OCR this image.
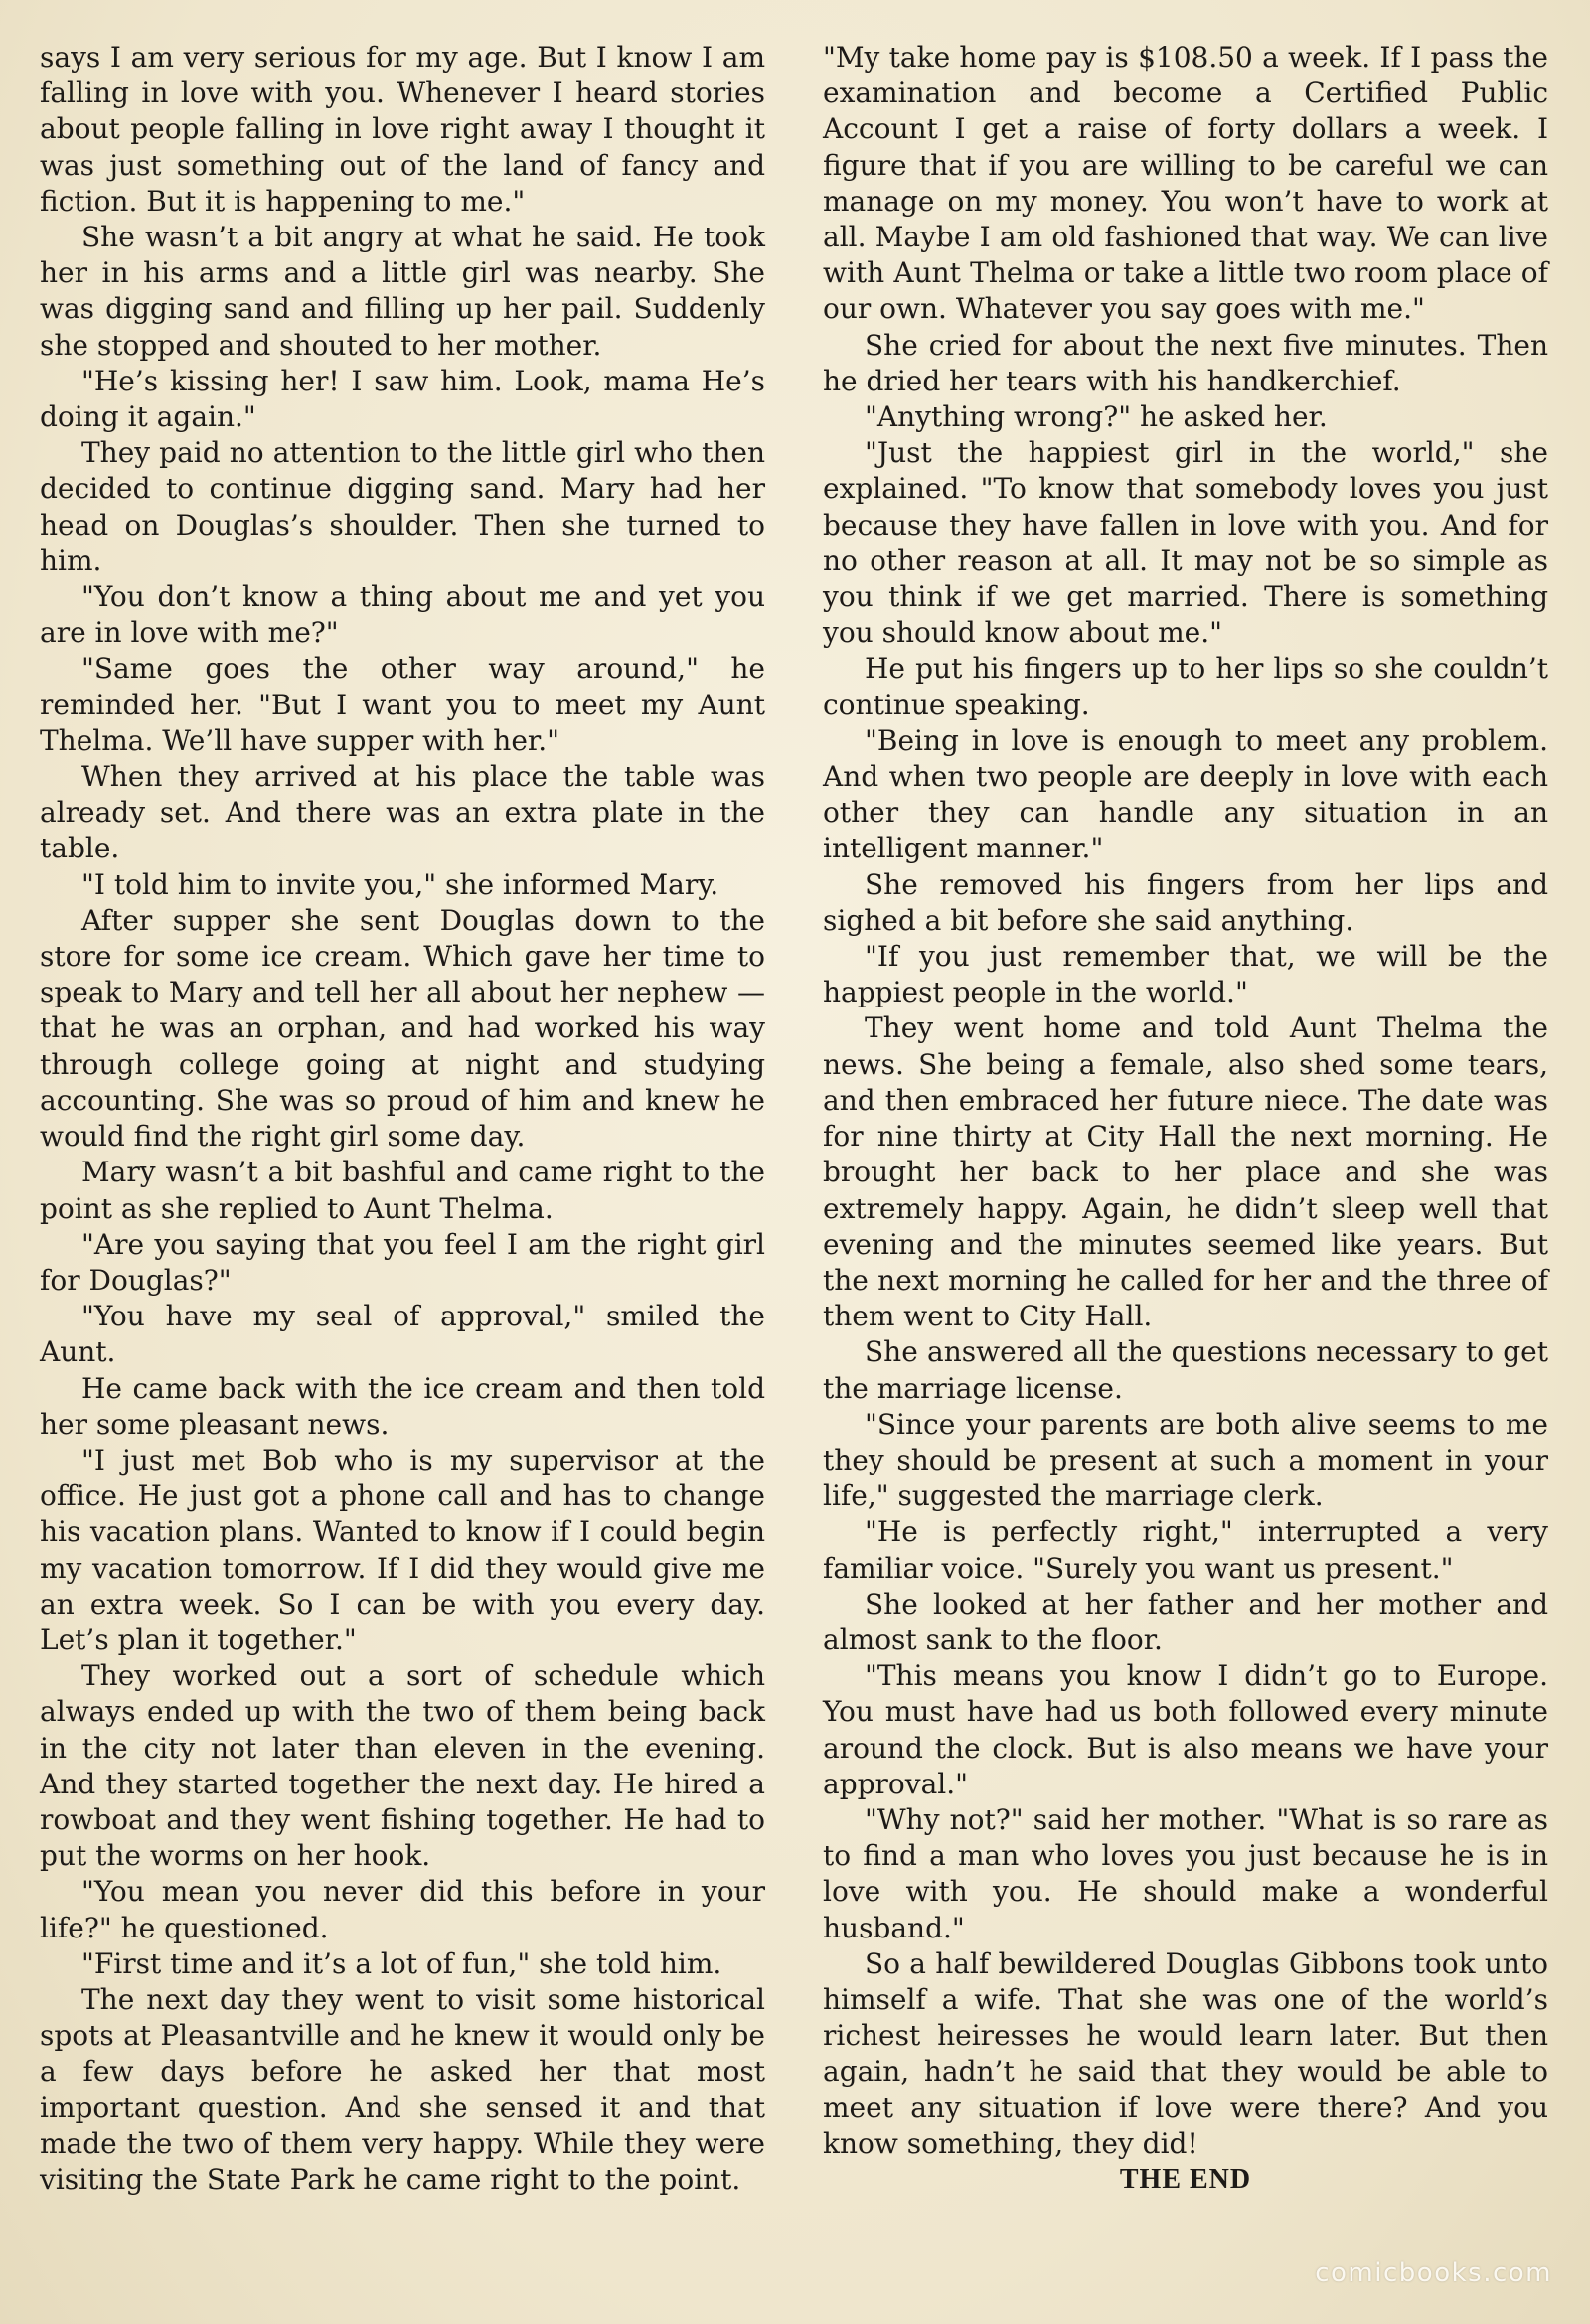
says I am very serious for my age. But I know I am falling in love with you. Whenever I heard stories about people falling in love right away I thought it was just something out of the land of fancy and fiction. But it is happening to me."

She wasn’t a bit angry at what he said. He took her in his arms and a little girl was nearby. She was digging sand and filling up her pail. Suddenly she stopped and shouted to her mother.

"He’s kissing her! I saw him. Look, mama He’s doing it again."

They paid no attention to the little girl who then decided to continue digging sand. Mary had her head on Douglas’s shoulder. Then she turned to him.

"You don’t know a thing about me and yet you are in love with me?"

"Same goes the other way around," he reminded her. "But I want you to meet my Aunt Thelma. We’ll have supper with her."

When they arrived at his place the table was already set. And there was an extra plate in the table.

"I told him to invite you," she informed Mary.

After supper she sent Douglas down to the store for some ice cream. Which gave her time to speak to Mary and tell her all about her nephew — that he was an orphan, and had worked his way through college going at night and studying accounting. She was so proud of him and knew he would find the right girl some day.

Mary wasn’t a bit bashful and came right to the point as she replied to Aunt Thelma.

"Are you saying that you feel I am the right girl for Douglas?"

"You have my seal of approval," smiled the Aunt.

He came back with the ice cream and then told her some pleasant news.

"I just met Bob who is my supervisor at the office. He just got a phone call and has to change his vacation plans. Wanted to know if I could begin my vacation tomorrow. If I did they would give me an extra week. So I can be with you every day. Let’s plan it together."

They worked out a sort of schedule which always ended up with the two of them being back in the city not later than eleven in the evening. And they started together the next day. He hired a rowboat and they went fishing together. He had to put the worms on her hook.

"You mean you never did this before in your life?" he questioned.

"First time and it’s a lot of fun," she told him.

The next day they went to visit some historical spots at Pleasantville and he knew it would only be a few days before he asked her that most important question. And she sensed it and that made the two of them very happy. While they were visiting the State Park he came right to the point.

"My take home pay is $108.50 a week. If I pass the examination and become a Certified Public Account I get a raise of forty dollars a week. I figure that if you are willing to be careful we can manage on my money. You won’t have to work at all. Maybe I am old fashioned that way. We can live with Aunt Thelma or take a little two room place of our own. Whatever you say goes with me."

She cried for about the next five minutes. Then he dried her tears with his handkerchief.

"Anything wrong?" he asked her.

"Just the happiest girl in the world," she explained. "To know that somebody loves you just because they have fallen in love with you. And for no other reason at all. It may not be so simple as you think if we get married. There is something you should know about me."

He put his fingers up to her lips so she couldn’t continue speaking.

"Being in love is enough to meet any problem. And when two people are deeply in love with each other they can handle any situation in an intelligent manner."

She removed his fingers from her lips and sighed a bit before she said anything.

"If you just remember that, we will be the happiest people in the world."

They went home and told Aunt Thelma the news. She being a female, also shed some tears, and then embraced her future niece. The date was for nine thirty at City Hall the next morning. He brought her back to her place and she was extremely happy. Again, he didn’t sleep well that evening and the minutes seemed like years. But the next morning he called for her and the three of them went to City Hall.

She answered all the questions necessary to get the marriage license.

"Since your parents are both alive seems to me they should be present at such a moment in your life," suggested the marriage clerk.

"He is perfectly right," interrupted a very familiar voice. "Surely you want us present."

She looked at her father and her mother and almost sank to the floor.

"This means you know I didn’t go to Europe. You must have had us both followed every minute around the clock. But is also means we have your approval."

"Why not?" said her mother. "What is so rare as to find a man who loves you just because he is in love with you. He should make a wonderful husband."

So a half bewildered Douglas Gibbons took unto himself a wife. That she was one of the world’s richest heiresses he would learn later. But then again, hadn’t he said that they would be able to meet any situation if love were there? And you know something, they did!

THE END
comicbooks.com
